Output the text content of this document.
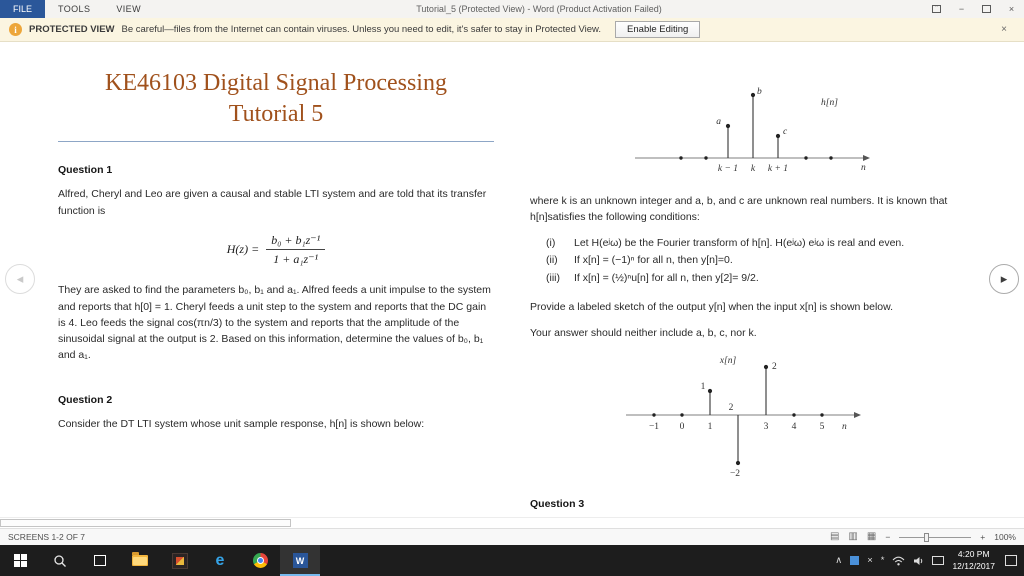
FILE	TOOLS	VIEW	Tutorial_5 (Protected View) - Word (Product Activation Failed)	ˆ	−	×
i	PROTECTED VIEW Be careful—files from the Internet can contain viruses. Unless you need to edit, it's safer to stay in Protected View.	Enable Editing	×
KE46103 Digital Signal Processing
Tutorial 5
Question 1

Alfred, Cheryl and Leo are given a causal and stable LTI system and are told that its transfer function is

$H(z) = \frac{\text{b₀ + b₁z⁻¹}}{\text{1 + a₁z⁻¹}}$

They are asked to find the parameters b₀, b₁ and a₁. Alfred feeds a unit impulse to the system and reports that h[0] = 1. Cheryl feeds a unit step to the system and reports that the DC gain is 4. Leo feeds the signal cos(πn/3) to the system and reports that the amplitude of the sinusoidal signal at the output is 2. Based on this information, determine the values of b₀, b₁ and a₁.

Question 2

Consider the DT LTI system whose unit sample response, h[n] is shown below:

a
b
c
h[n]
k − 1 k k + 1	n

where k is an unknown integer and a, b, and c are unknown real numbers. It is known that h[n]satisfies the following conditions:

(i)	Let H(eʲω) be the Fourier transform of h[n]. H(eʲω) eʲω is real and even.
(ii)	If x[n] = (−1)ⁿ for all n, then y[n]=0.
(iii)	If x[n] = (½)ⁿu[n] for all n, then y[2]= 9/2.

Provide a labeled sketch of the output y[n] when the input x[n] is shown below.

Your answer should neither include a, b, c, nor k.

1
2
−2
x[n]
−1 0 1
2
3 4 5 n
Question 3
◂	▸
SCREENS 1-2 OF 7	▤ ▥ ▦ −	+ 100%
e	W	∧	× *
4:20 PM
12/12/2017
